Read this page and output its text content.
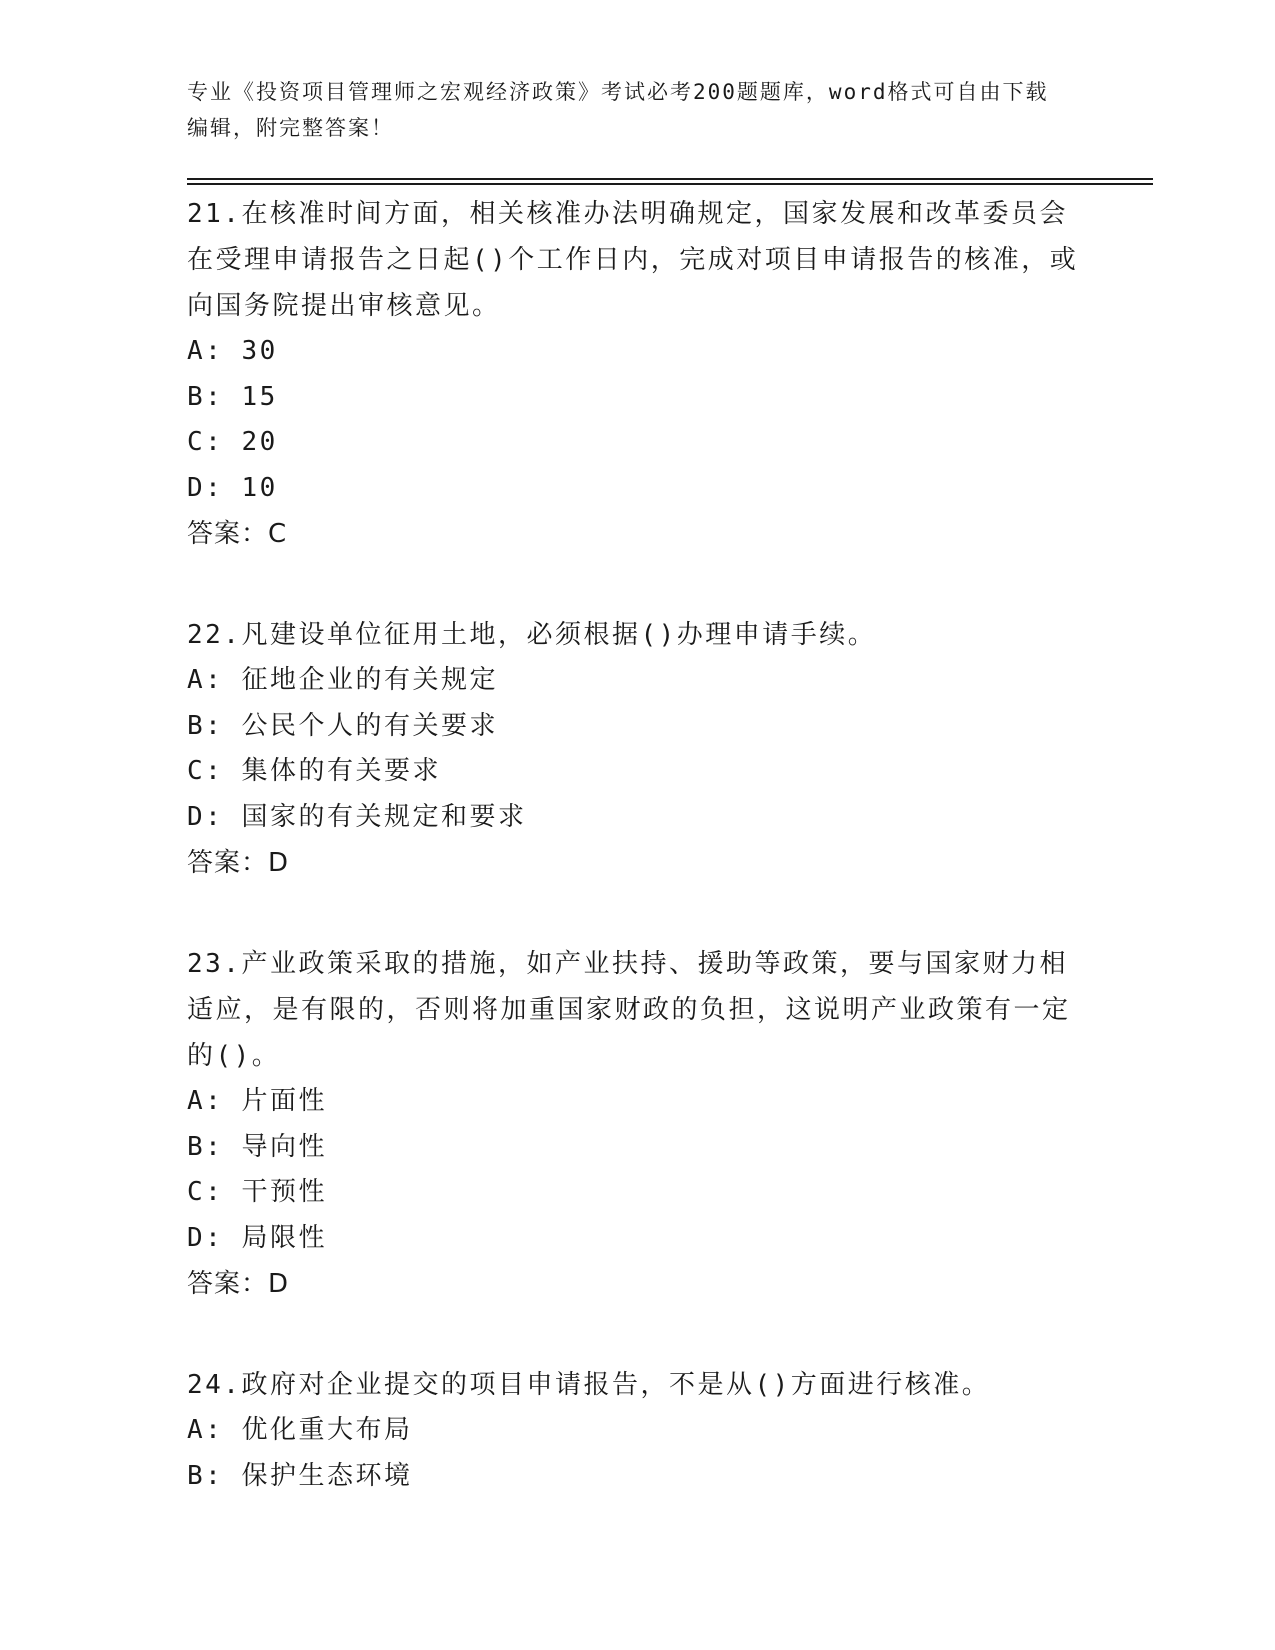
专业《投资项目管理师之宏观经济政策》考试必考200题题库，word格式可自由下载编辑，附完整答案！

21.在核准时间方面，相关核准办法明确规定，国家发展和改革委员会在受理申请报告之日起()个工作日内，完成对项目申请报告的核准，或向国务院提出审核意见。

A: 30

B: 15

C: 20

D: 10

答案：C

22.凡建设单位征用土地，必须根据()办理申请手续。

A: 征地企业的有关规定

B: 公民个人的有关要求

C: 集体的有关要求

D: 国家的有关规定和要求

答案：D

23.产业政策采取的措施，如产业扶持、援助等政策，要与国家财力相适应，是有限的，否则将加重国家财政的负担，这说明产业政策有一定的()。

A: 片面性

B: 导向性

C: 干预性

D: 局限性

答案：D

24.政府对企业提交的项目申请报告，不是从()方面进行核准。

A: 优化重大布局

B: 保护生态环境
